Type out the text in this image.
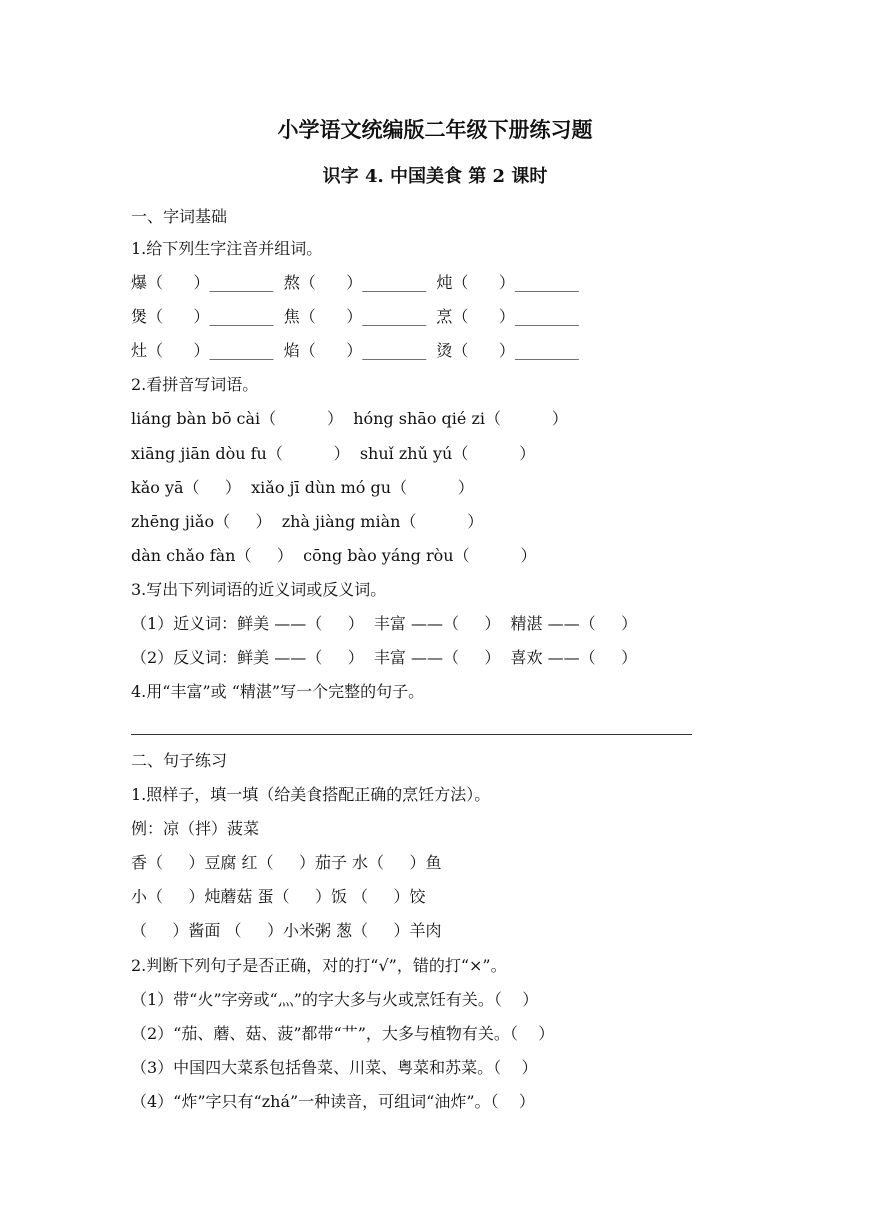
小学语文统编版二年级下册练习题
识字 4. 中国美食 第 2 课时
一、字词基础
1.给下列生字注音并组词。
爆（      ）________  熬（      ）________  炖（      ）________
煲（      ）________  焦（      ）________  烹（      ）________
灶（      ）________  焰（      ）________  烫（      ）________
2.看拼音写词语。
liáng bàn bō cài（          ）  hóng shāo qié zi（          ）
xiāng jiān dòu fu（          ）  shuǐ zhǔ yú（          ）
kǎo yā（     ）  xiǎo jī dùn mó gu（          ）
zhēng jiǎo（     ）  zhà jiàng miàn（          ）
dàn chǎo fàn（     ）  cōng bào yáng ròu（          ）
3.写出下列词语的近义词或反义词。
（1）近义词：鲜美 ——（     ）  丰富 ——（     ）  精湛 ——（     ）
（2）反义词：鲜美 ——（     ）  丰富 ——（     ）  喜欢 ——（     ）
4.用“丰富”或 “精湛”写一个完整的句子。
二、句子练习
1.照样子，填一填（给美食搭配正确的烹饪方法）。
例：凉（拌）菠菜
香（     ）豆腐 红（     ）茄子 水（     ）鱼
小（     ）炖蘑菇 蛋（     ）饭 （     ）饺
（     ）酱面 （     ）小米粥 葱（     ）羊肉
2.判断下列句子是否正确，对的打“√”，错的打“×”。
（1）带“火”字旁或“灬”的字大多与火或烹饪有关。（    ）
（2）“茄、蘑、菇、菠”都带“艹”，大多与植物有关。（    ）
（3）中国四大菜系包括鲁菜、川菜、粤菜和苏菜。（    ）
（4）“炸”字只有“zhá”一种读音，可组词“油炸”。（    ）
